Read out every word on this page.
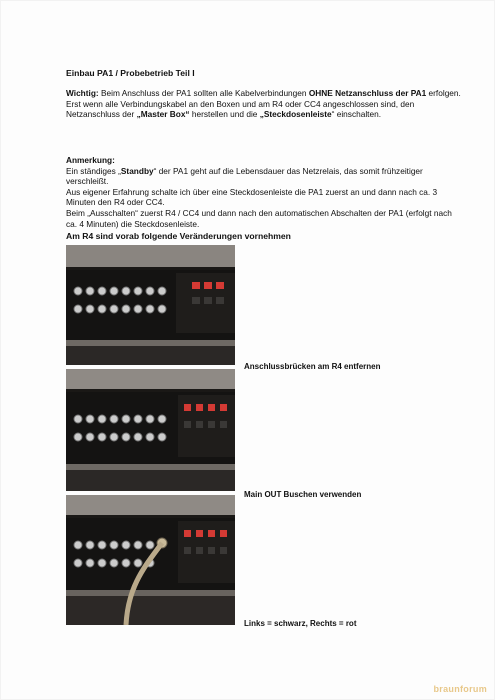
Einbau PA1 / Probebetrieb Teil I
Wichtig: Beim Anschluss der PA1 sollten alle Kabelverbindungen OHNE Netzanschluss der PA1 erfolgen.
Erst wenn alle Verbindungskabel an den Boxen und am R4 oder CC4 angeschlossen sind, den Netzanschluss der „Master Box“ herstellen und die „Steckdosenleiste“ einschalten.
Anmerkung:
Ein ständiges „Standby“ der PA1 geht auf die Lebensdauer das Netzrelais, das somit frühzeitiger verschleißt.
Aus eigener Erfahrung schalte ich über eine Steckdosenleiste die PA1 zuerst an und dann nach ca. 3 Minuten den R4 oder CC4.
Beim „Ausschalten“ zuerst R4 / CC4 und dann nach den automatischen Abschalten der PA1 (erfolgt nach ca. 4 Minuten) die Steckdosenleiste.
Am R4 sind vorab folgende Veränderungen vornehmen
Anschlussbrücken am R4 entfernen
Main OUT Buschen verwenden
Links = schwarz, Rechts = rot
braunforum
